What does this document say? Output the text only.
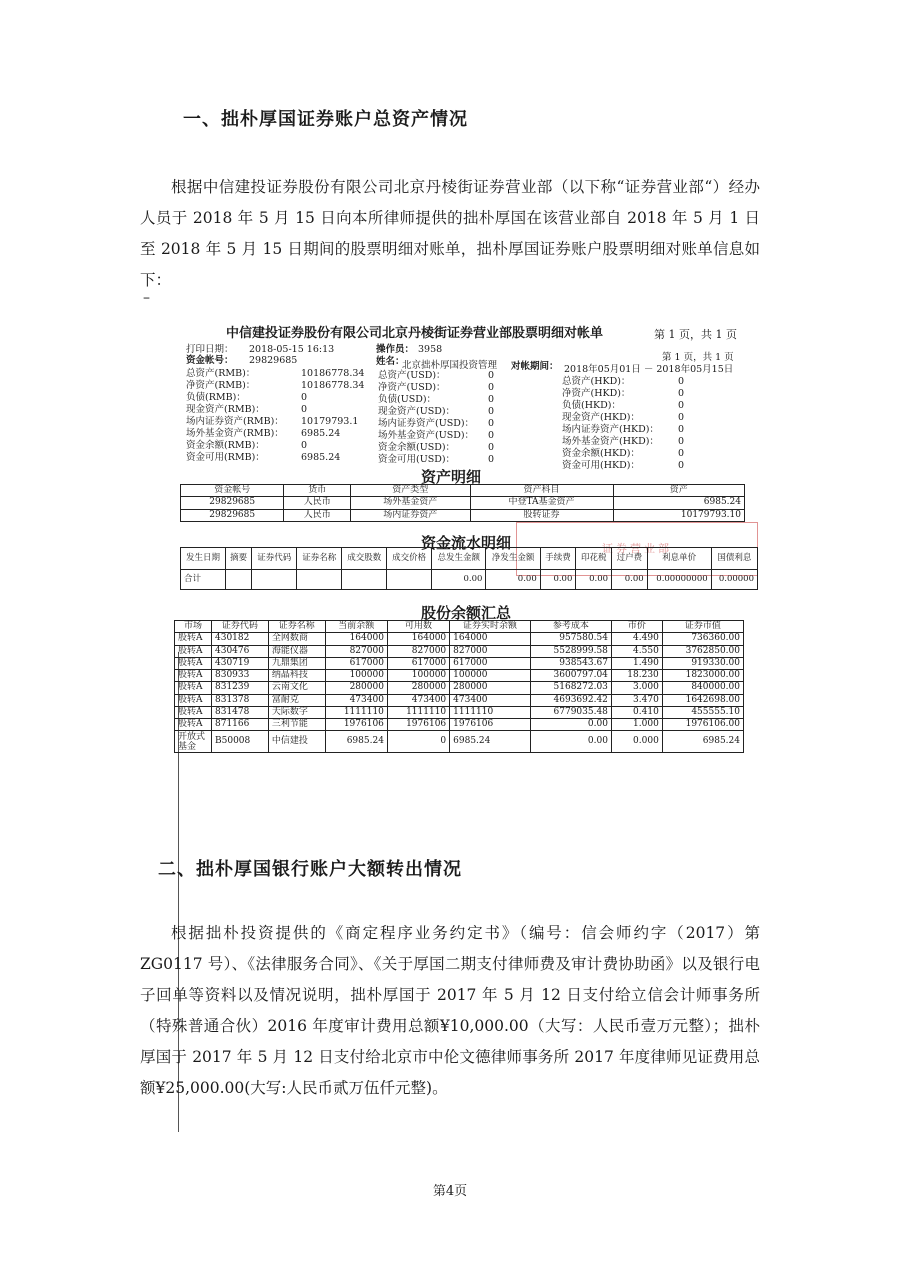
一、拙朴厚国证券账户总资产情况
根据中信建投证券股份有限公司北京丹棱街证券营业部（以下称“证券营业部“）经办人员于 2018 年 5 月 15 日向本所律师提供的拙朴厚国在该营业部自 2018 年 5 月 1 日至 2018 年 5 月 15 日期间的股票明细对账单，拙朴厚国证券账户股票明细对账单信息如下：
–
中信建投证券股份有限公司北京丹棱街证券营业部股票明细对帐单	第 1 页，共 1 页
打印日期： 2018-05-15 16:13	操作员： 3958
第 1 页，共 1 页
资金帐号： 29829685	姓名：
北京拙朴厚国投资管理 对帐期间： 2018年05月01日 － 2018年05月15日
总资产(RMB)：	10186778.34
净资产(RMB)：	10186778.34
负债(RMB)：	0
现金资产(RMB)：	0
场内证券资产(RMB)： 10179793.1
场外基金资产(RMB)： 6985.24
资金余额(RMB)：	0
资金可用(RMB)：	6985.24
总资产(USD)：	0
净资产(USD)：	0
负债(USD)：	0
现金资产(USD)：	0
场内证券资产(USD)： 0
场外基金资产(USD)： 0
资金余额(USD)：	0
资金可用(USD)：	0
总资产(HKD)：	0
净资产(HKD)：	0
负债(HKD)：	0
现金资产(HKD)：	0
场内证券资产(HKD)： 0
场外基金资产(HKD)： 0
资金余额(HKD)：	0
资金可用(HKD)：	0
资产明细
资金帐号	货币	资产类型	资产科目	资产
29829685	人民币	场外基金资产	中登TA基金资产	6985.24
29829685	人民币	场内证券资产	股转证券	10179793.10
证券营业部
资金流水明细
发生日期	摘要	证券代码	证券名称	成交股数	成交价格	总发生金额	净发生金额	手续费	印花税	过户费	利息单价	国债利息
合计						0.00	0.00	0.00	0.00	0.00	0.00000000	0.00000
股份余额汇总
市场	证券代码	证券名称	当前余额	可用数	证券实时余额	参考成本	市价	证券市值
股转A	430182	全网数商	164000	164000	164000	957580.54	4.490	736360.00
股转A	430476	海能仪器	827000	827000	827000	5528999.58	4.550	3762850.00
股转A	430719	九鼎集团	617000	617000	617000	938543.67	1.490	919330.00
股转A	830933	纳晶科技	100000	100000	100000	3600797.04	18.230	1823000.00
股转A	831239	云南文化	280000	280000	280000	5168272.03	3.000	840000.00
股转A	831378	富耐克	473400	473400	473400	4693692.42	3.470	1642698.00
股转A	831478	天际数字	1111110	1111110	1111110	6779035.48	0.410	455555.10
股转A	871166	三利节能	1976106	1976106	1976106	0.00	1.000	1976106.00
开放式基金	B50008	中信建投	6985.24	0	6985.24	0.00	0.000	6985.24
二、拙朴厚国银行账户大额转出情况
根据拙朴投资提供的《商定程序业务约定书》（编号：信会师约字（2017）第 ZG0117 号）、《法律服务合同》、《关于厚国二期支付律师费及审计费协助函》以及银行电子回单等资料以及情况说明，拙朴厚国于 2017 年 5 月 12 日支付给立信会计师事务所（特殊普通合伙）2016 年度审计费用总额¥10,000.00（大写：人民币壹万元整）；拙朴厚国于 2017 年 5 月 12 日支付给北京市中伦文德律师事务所 2017 年度律师见证费用总额¥25,000.00(大写:人民币贰万伍仟元整)。
第4页
